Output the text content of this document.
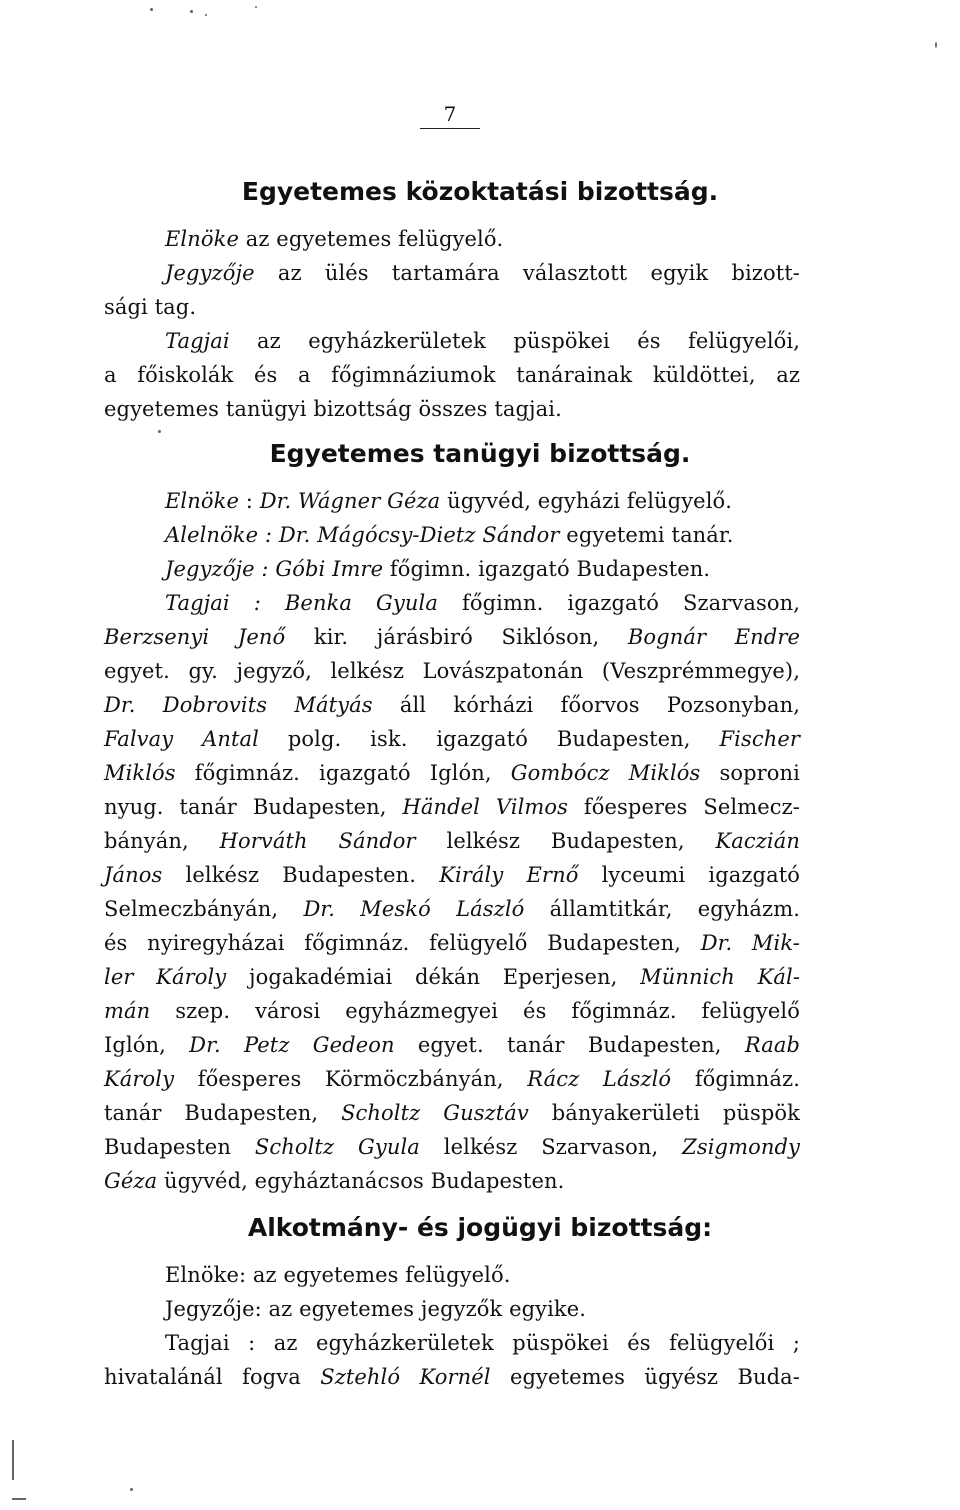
7
Egyetemes közoktatási bizottság.
Elnöke az egyetemes felügyelő.
Jegyzője az ülés tartamára választott egyik bizott-
sági tag.
Tagjai az egyházkerületek püspökei és felügyelői,
a főiskolák és a főgimnáziumok tanárainak küldöttei, az
egyetemes tanügyi bizottság összes tagjai.
Egyetemes tanügyi bizottság.
Elnöke : Dr. Wágner Géza ügyvéd, egyházi felügyelő.
Alelnöke : Dr. Mágócsy-Dietz Sándor egyetemi tanár.
Jegyzője : Góbi Imre főgimn. igazgató Budapesten.
Tagjai : Benka Gyula főgimn. igazgató Szarvason,
Berzsenyi Jenő kir. járásbiró Siklóson, Bognár Endre
egyet. gy. jegyző, lelkész Lovászpatonán (Veszprémmegye),
Dr. Dobrovits Mátyás áll kórházi főorvos Pozsonyban,
Falvay Antal polg. isk. igazgató Budapesten, Fischer
Miklós főgimnáz. igazgató Iglón, Gombócz Miklós soproni
nyug. tanár Budapesten, Händel Vilmos főesperes Selmecz-
bányán, Horváth Sándor lelkész Budapesten, Kaczián
János lelkész Budapesten. Király Ernő lyceumi igazgató
Selmeczbányán, Dr. Meskó László államtitkár, egyházm.
és nyiregyházai főgimnáz. felügyelő Budapesten, Dr. Mik-
ler Károly jogakadémiai dékán Eperjesen, Münnich Kál-
mán szep. városi egyházmegyei és főgimnáz. felügyelő
Iglón, Dr. Petz Gedeon egyet. tanár Budapesten, Raab
Károly főesperes Körmöczbányán, Rácz László főgimnáz.
tanár Budapesten, Scholtz Gusztáv bányakerületi püspök
Budapesten Scholtz Gyula lelkész Szarvason, Zsigmondy
Géza ügyvéd, egyháztanácsos Budapesten.
Alkotmány- és jogügyi bizottság:
Elnöke: az egyetemes felügyelő.
Jegyzője: az egyetemes jegyzők egyike.
Tagjai : az egyházkerületek püspökei és felügyelői ;
hivatalánál fogva Sztehló Kornél egyetemes ügyész Buda-
